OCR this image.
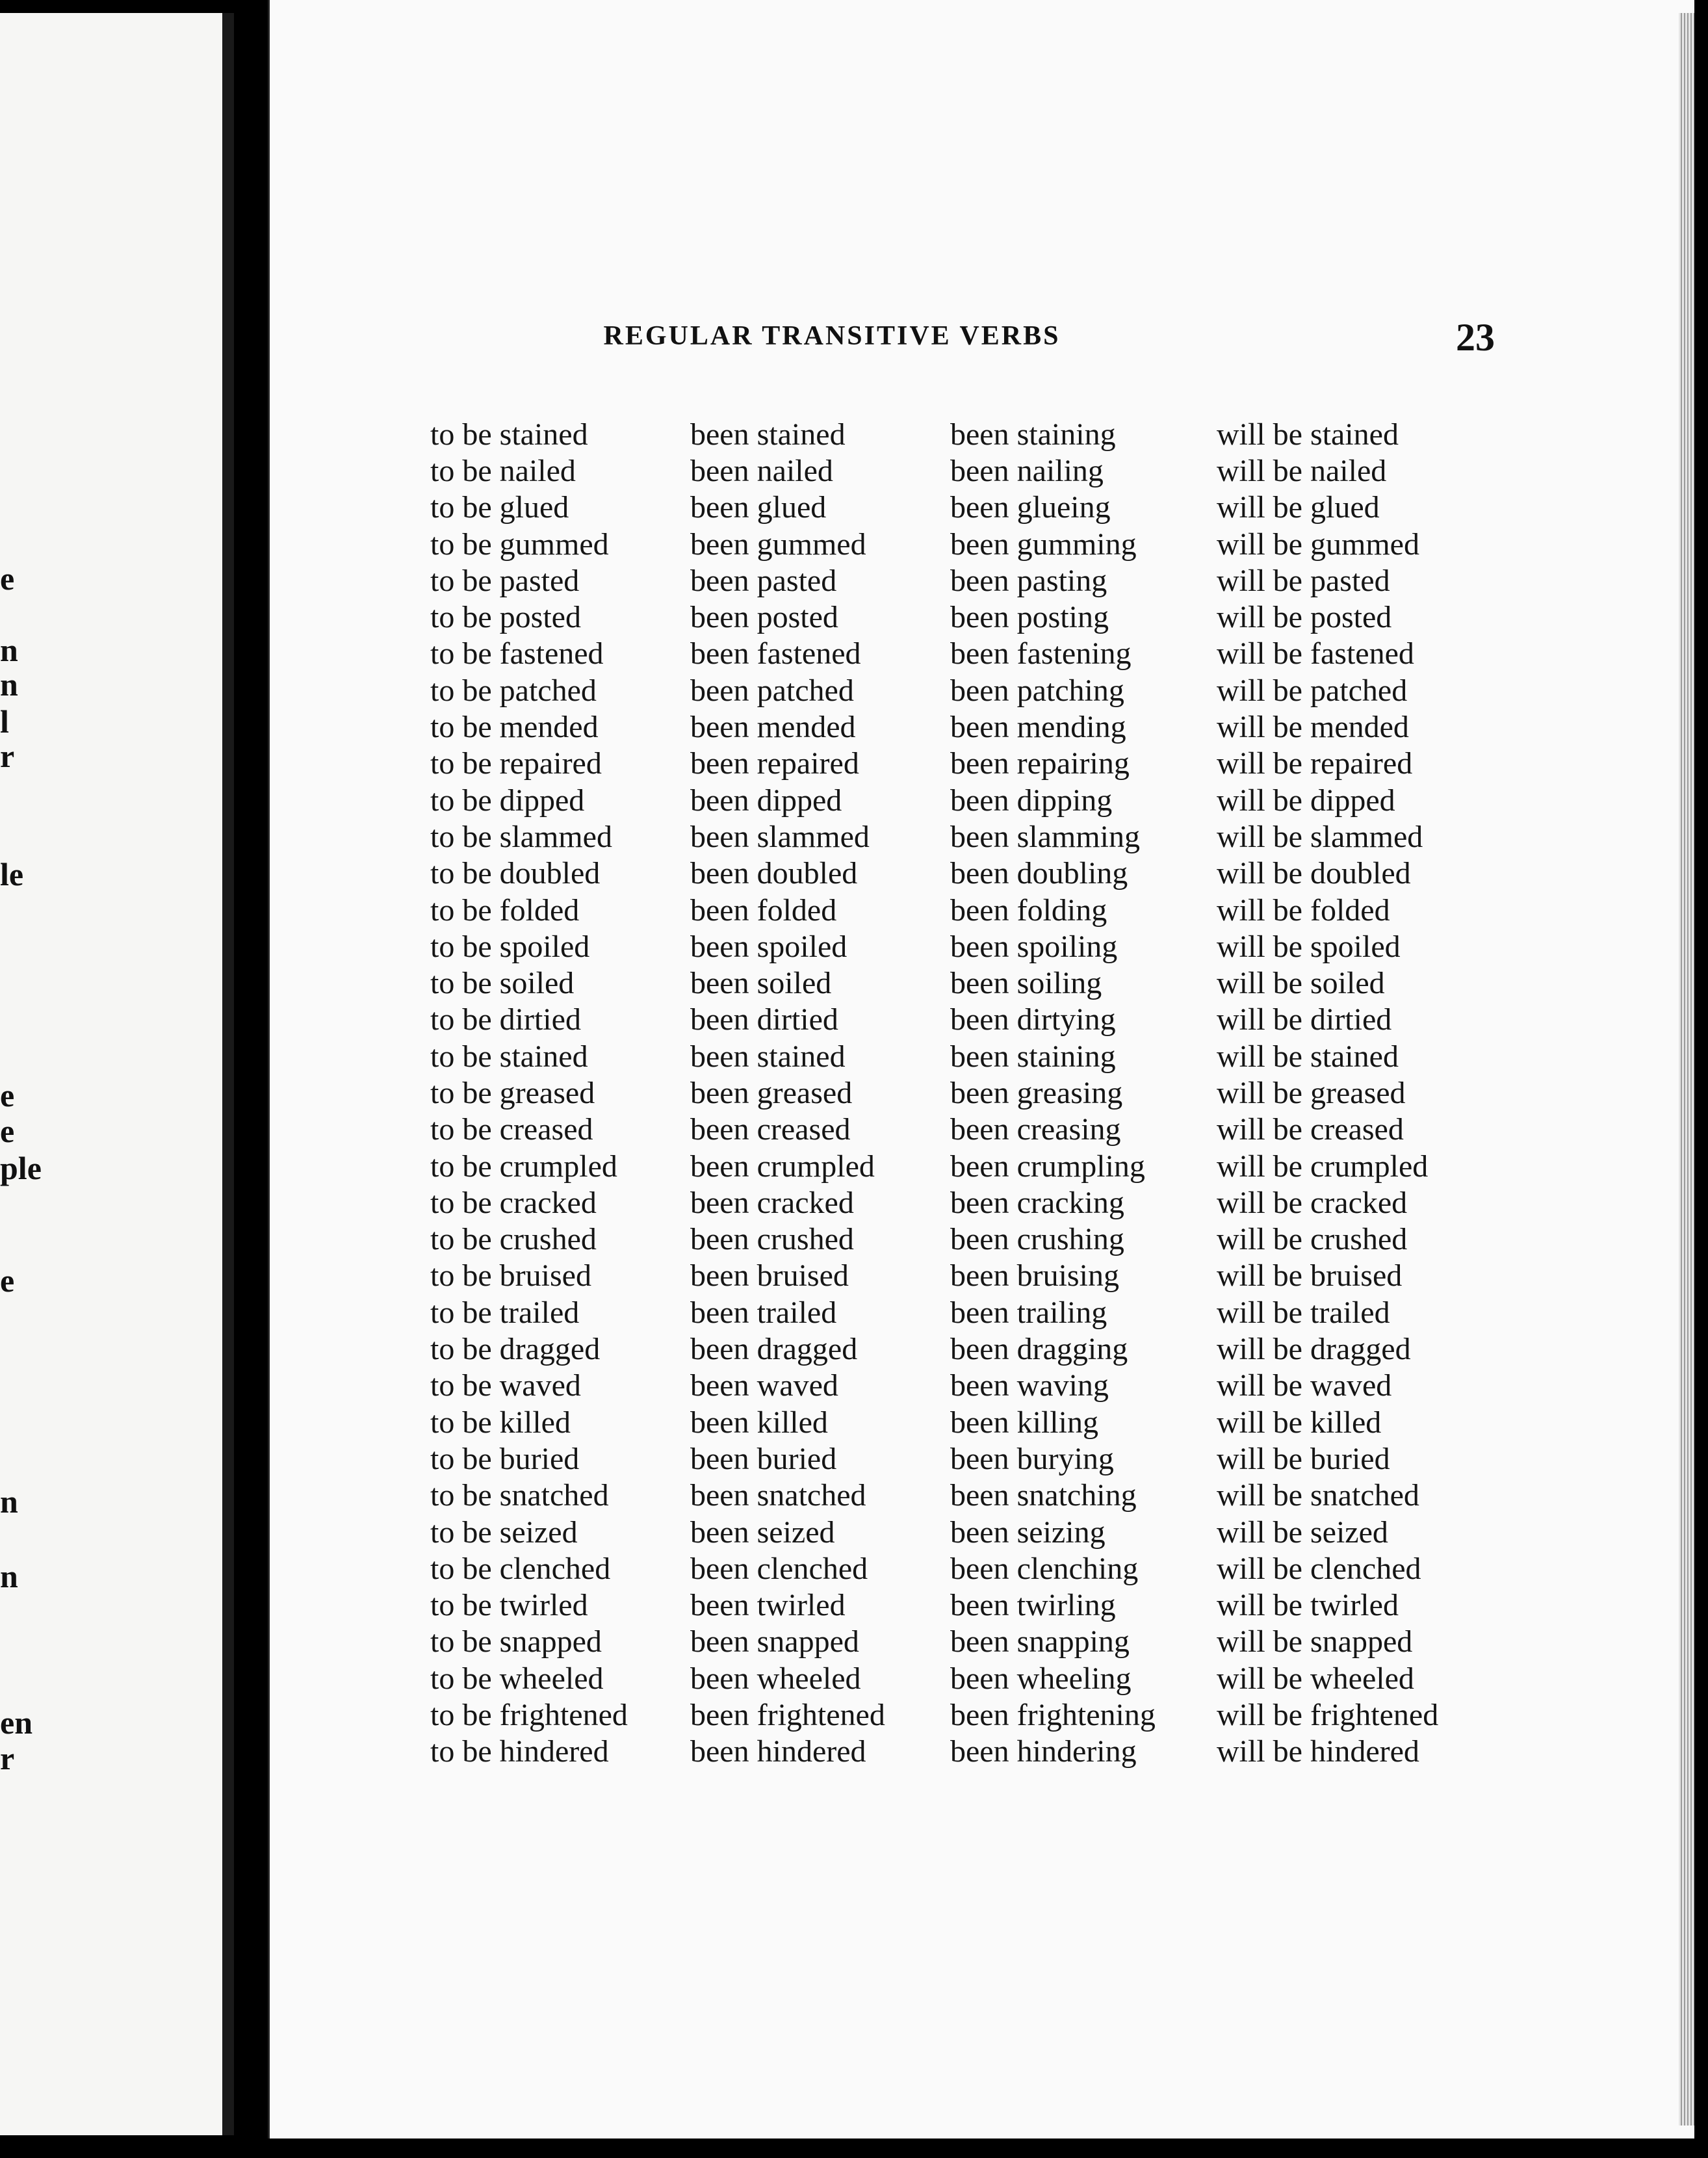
e
n
n
l
r
le
e
e
ple
e
n
n
en
r
REGULAR TRANSITIVE VERBS	23
to be stained	been stained	been staining	will be stained
to be nailed	been nailed	been nailing	will be nailed
to be glued	been glued	been glueing	will be glued
to be gummed	been gummed	been gumming	will be gummed
to be pasted	been pasted	been pasting	will be pasted
to be posted	been posted	been posting	will be posted
to be fastened	been fastened	been fastening	will be fastened
to be patched	been patched	been patching	will be patched
to be mended	been mended	been mending	will be mended
to be repaired	been repaired	been repairing	will be repaired
to be dipped	been dipped	been dipping	will be dipped
to be slammed	been slammed	been slamming	will be slammed
to be doubled	been doubled	been doubling	will be doubled
to be folded	been folded	been folding	will be folded
to be spoiled	been spoiled	been spoiling	will be spoiled
to be soiled	been soiled	been soiling	will be soiled
to be dirtied	been dirtied	been dirtying	will be dirtied
to be stained	been stained	been staining	will be stained
to be greased	been greased	been greasing	will be greased
to be creased	been creased	been creasing	will be creased
to be crumpled	been crumpled	been crumpling	will be crumpled
to be cracked	been cracked	been cracking	will be cracked
to be crushed	been crushed	been crushing	will be crushed
to be bruised	been bruised	been bruising	will be bruised
to be trailed	been trailed	been trailing	will be trailed
to be dragged	been dragged	been dragging	will be dragged
to be waved	been waved	been waving	will be waved
to be killed	been killed	been killing	will be killed
to be buried	been buried	been burying	will be buried
to be snatched	been snatched	been snatching	will be snatched
to be seized	been seized	been seizing	will be seized
to be clenched	been clenched	been clenching	will be clenched
to be twirled	been twirled	been twirling	will be twirled
to be snapped	been snapped	been snapping	will be snapped
to be wheeled	been wheeled	been wheeling	will be wheeled
to be frightened	been frightened	been frightening	will be frightened
to be hindered	been hindered	been hindering	will be hindered
